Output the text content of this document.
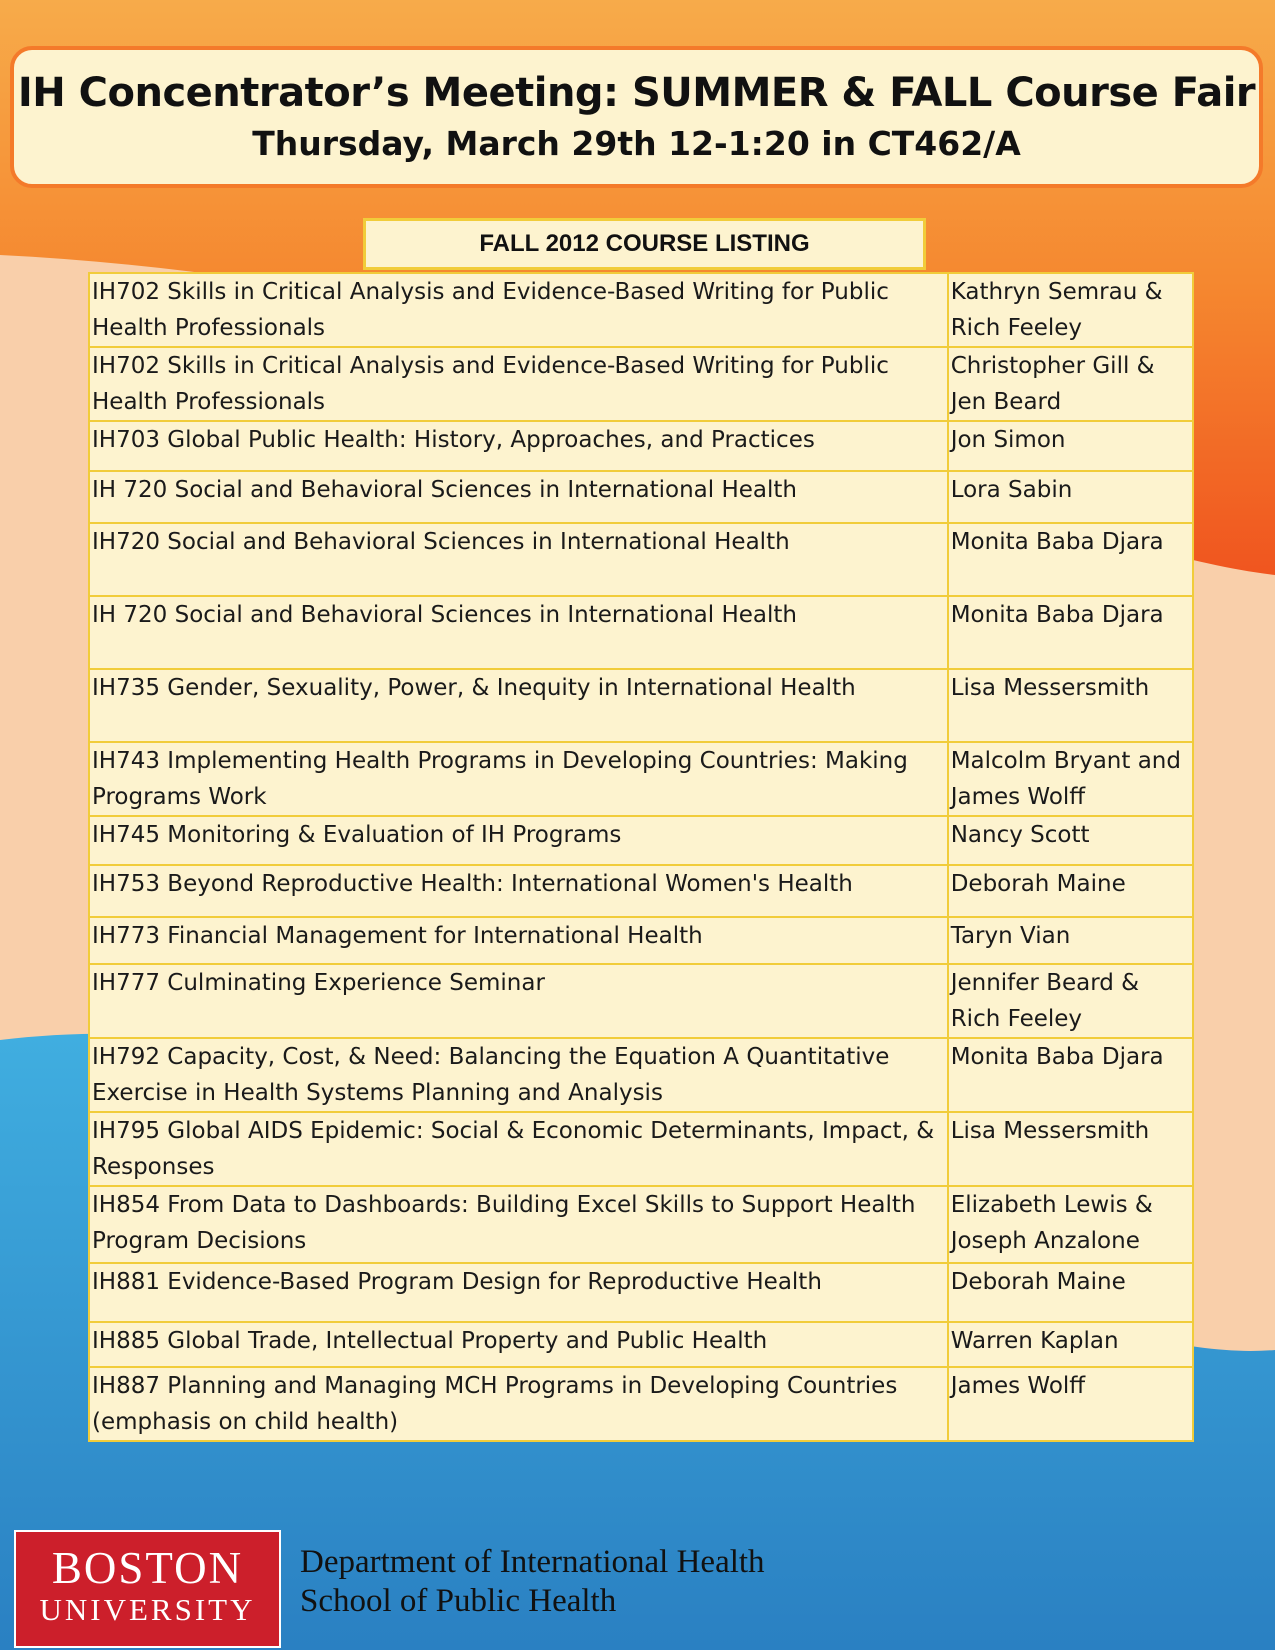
IH Concentrator’s Meeting: SUMMER & FALL Course Fair
Thursday, March 29th 12-1:20 in CT462/A
FALL 2012 COURSE LISTING
IH702 Skills in Critical Analysis and Evidence-Based Writing for Public Health Professionals	Kathryn Semrau & Rich Feeley
IH702 Skills in Critical Analysis and Evidence-Based Writing for Public Health Professionals	Christopher Gill & Jen Beard
IH703 Global Public Health: History, Approaches, and Practices	Jon Simon
IH 720 Social and Behavioral Sciences in International Health	Lora Sabin
IH720 Social and Behavioral Sciences in International Health	Monita Baba Djara
IH 720 Social and Behavioral Sciences in International Health	Monita Baba Djara
IH735 Gender, Sexuality, Power, & Inequity in International Health	Lisa Messersmith
IH743 Implementing Health Programs in Developing Countries: Making Programs Work	Malcolm Bryant and James Wolff
IH745 Monitoring & Evaluation of IH Programs	Nancy Scott
IH753 Beyond Reproductive Health: International Women's Health	Deborah Maine
IH773 Financial Management for International Health	Taryn Vian
IH777 Culminating Experience Seminar	Jennifer Beard & Rich Feeley
IH792 Capacity, Cost, & Need: Balancing the Equation A Quantitative Exercise in Health Systems Planning and Analysis	Monita Baba Djara
IH795 Global AIDS Epidemic: Social & Economic Determinants, Impact, & Responses	Lisa Messersmith
IH854 From Data to Dashboards: Building Excel Skills to Support Health Program Decisions	Elizabeth Lewis & Joseph Anzalone
IH881 Evidence-Based Program Design for Reproductive Health	Deborah Maine
IH885 Global Trade, Intellectual Property and Public Health	Warren Kaplan
IH887 Planning and Managing MCH Programs in Developing Countries (emphasis on child health)	James Wolff
BOSTON
UNIVERSITY
Department of International Health
School of Public Health
